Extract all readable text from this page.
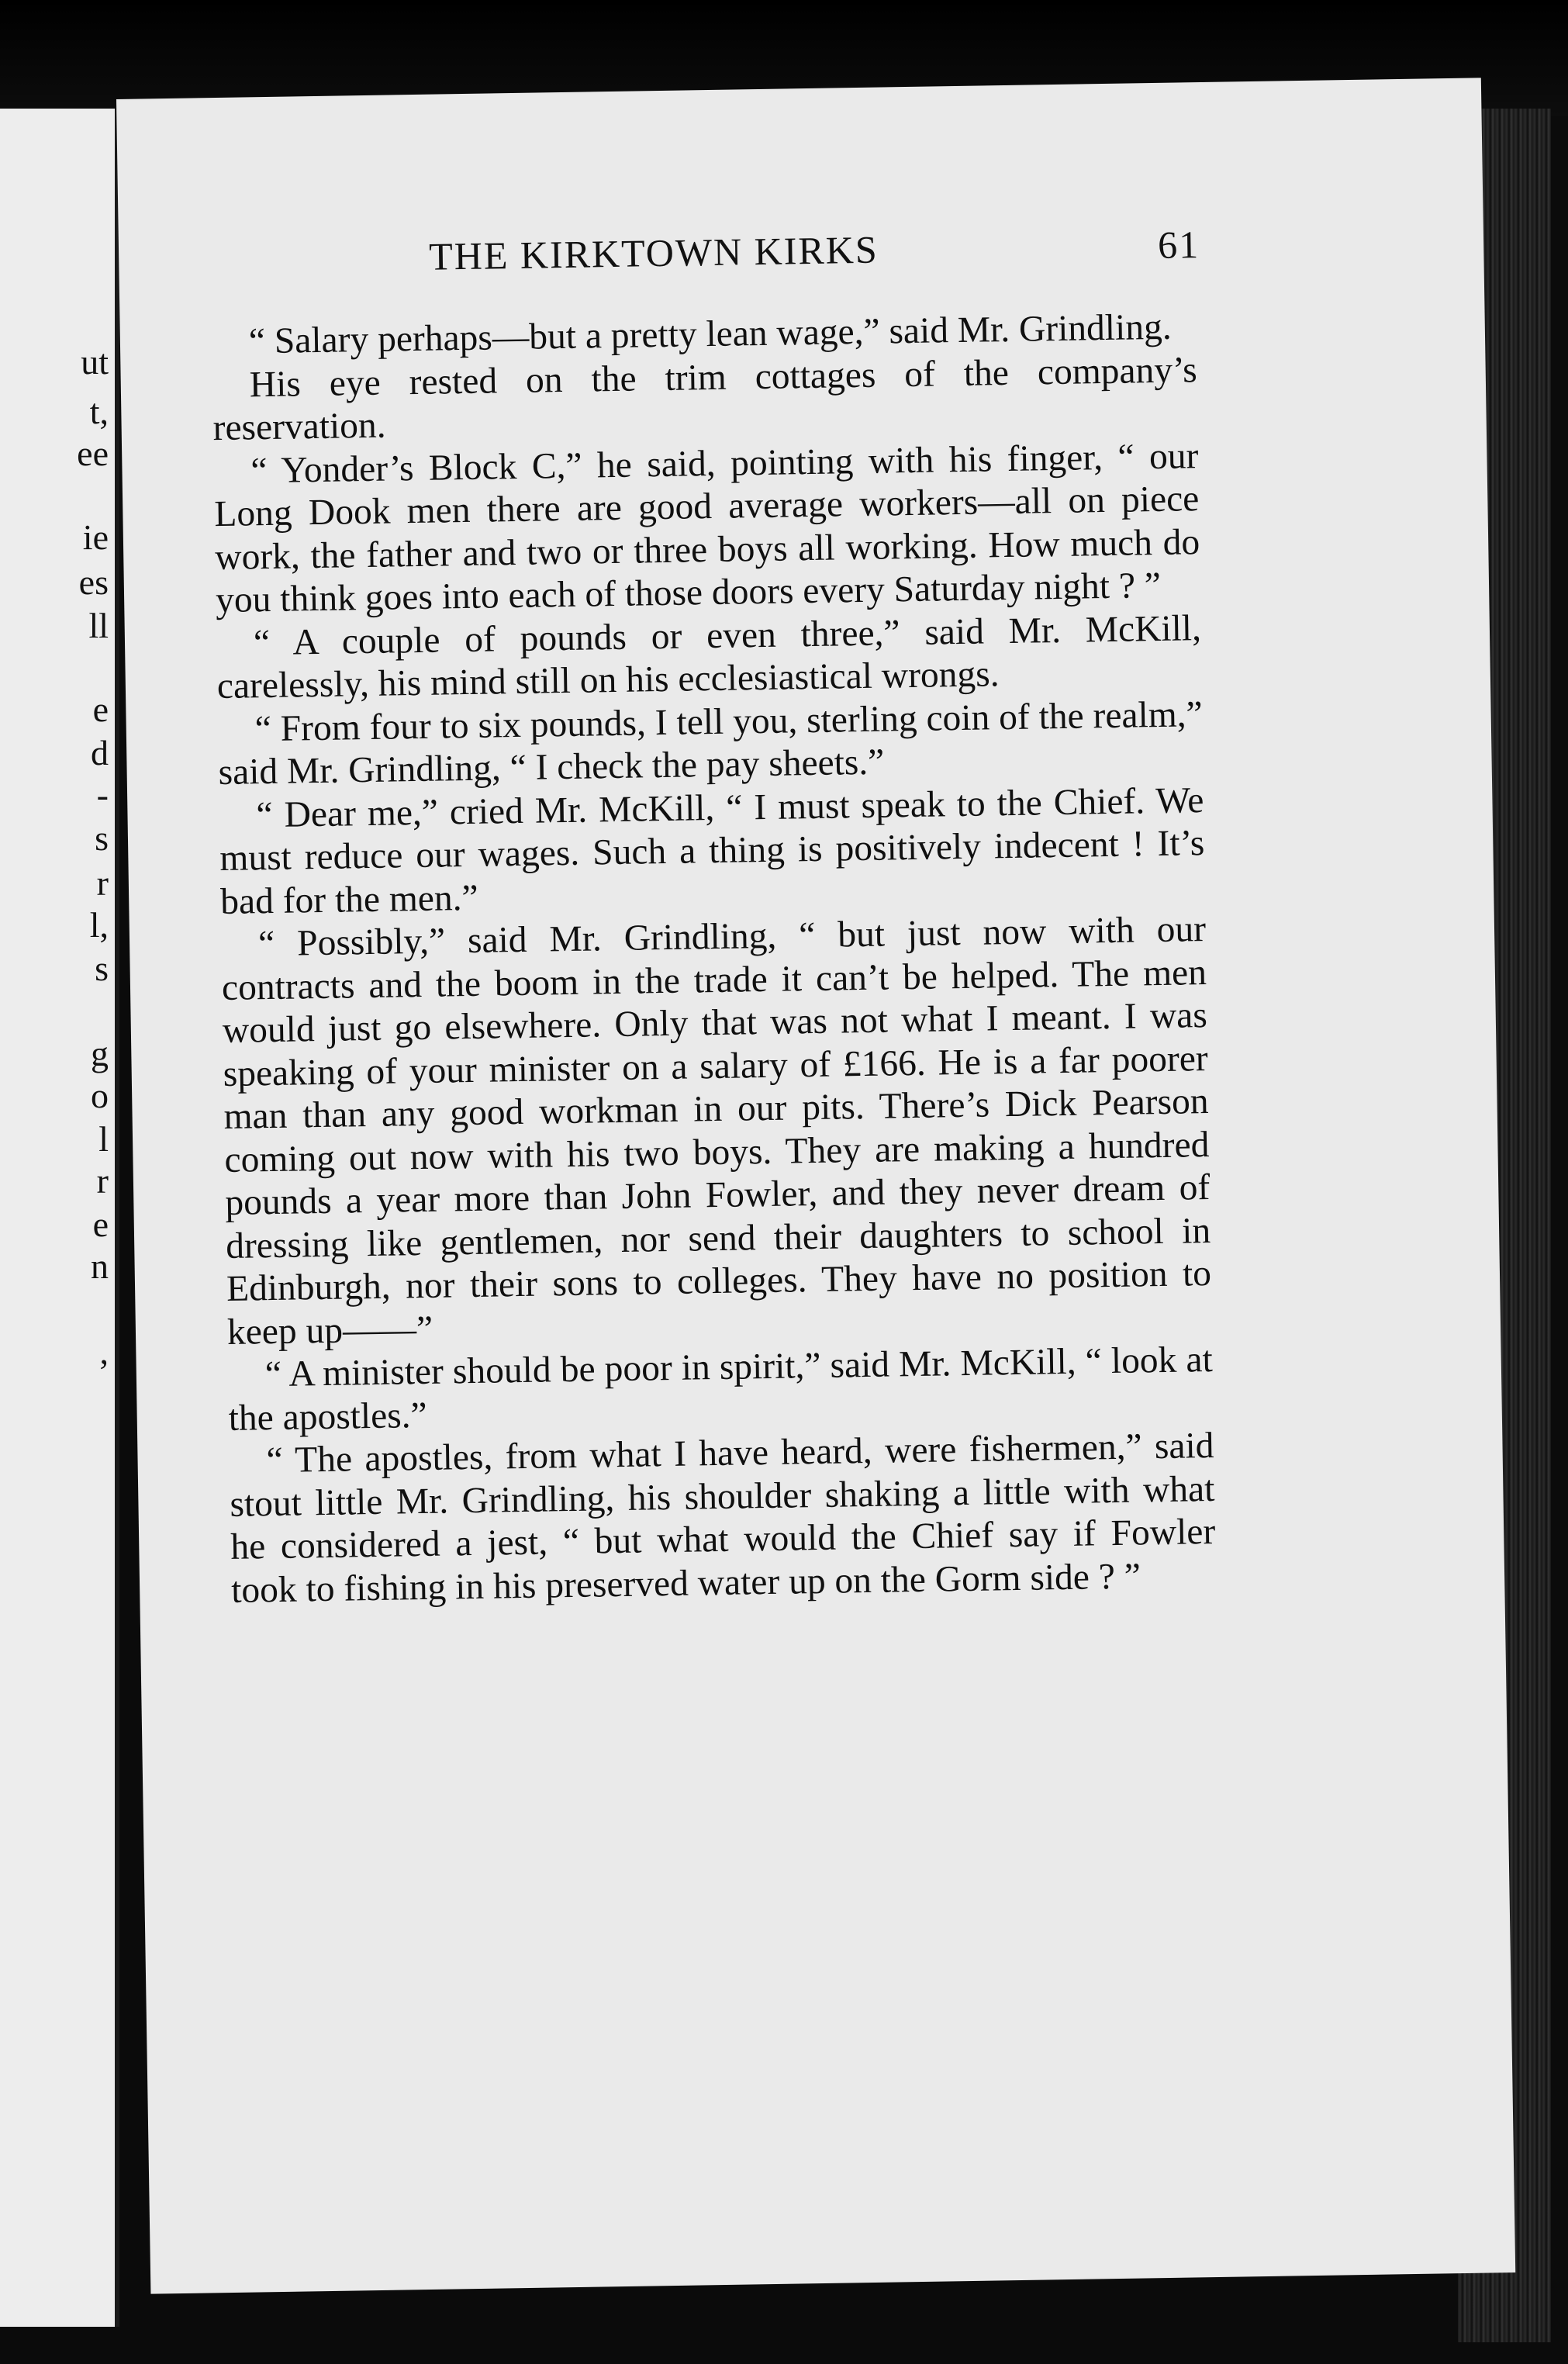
ut
t,
ee
ie
es
ll
e
d
-
s
r
l,
s
g
o
l
r
e
n
,
THE KIRKTOWN KIRKS	61

“ Salary perhaps—but a pretty lean wage,” said Mr. Grindling.

His eye rested on the trim cottages of the company’s reservation.

“ Yonder’s Block C,” he said, pointing with his finger, “ our Long Dook men there are good average workers—all on piece work, the father and two or three boys all working. How much do you think goes into each of those doors every Saturday night ? ”

“ A couple of pounds or even three,” said Mr. McKill, carelessly, his mind still on his ecclesiastical wrongs.

“ From four to six pounds, I tell you, sterling coin of the realm,” said Mr. Grindling, “ I check the pay sheets.”

“ Dear me,” cried Mr. McKill, “ I must speak to the Chief. We must reduce our wages. Such a thing is positively indecent ! It’s bad for the men.”

“ Possibly,” said Mr. Grindling, “ but just now with our contracts and the boom in the trade it can’t be helped. The men would just go elsewhere. Only that was not what I meant. I was speaking of your minister on a salary of £166. He is a far poorer man than any good workman in our pits. There’s Dick Pearson coming out now with his two boys. They are making a hundred pounds a year more than John Fowler, and they never dream of dressing like gentlemen, nor send their daughters to school in Edinburgh, nor their sons to colleges. They have no position to keep up——”

“ A minister should be poor in spirit,” said Mr. McKill, “ look at the apostles.”

“ The apostles, from what I have heard, were fishermen,” said stout little Mr. Grindling, his shoulder shaking a little with what he considered a jest, “ but what would the Chief say if Fowler took to fishing in his preserved water up on the Gorm side ? ”
